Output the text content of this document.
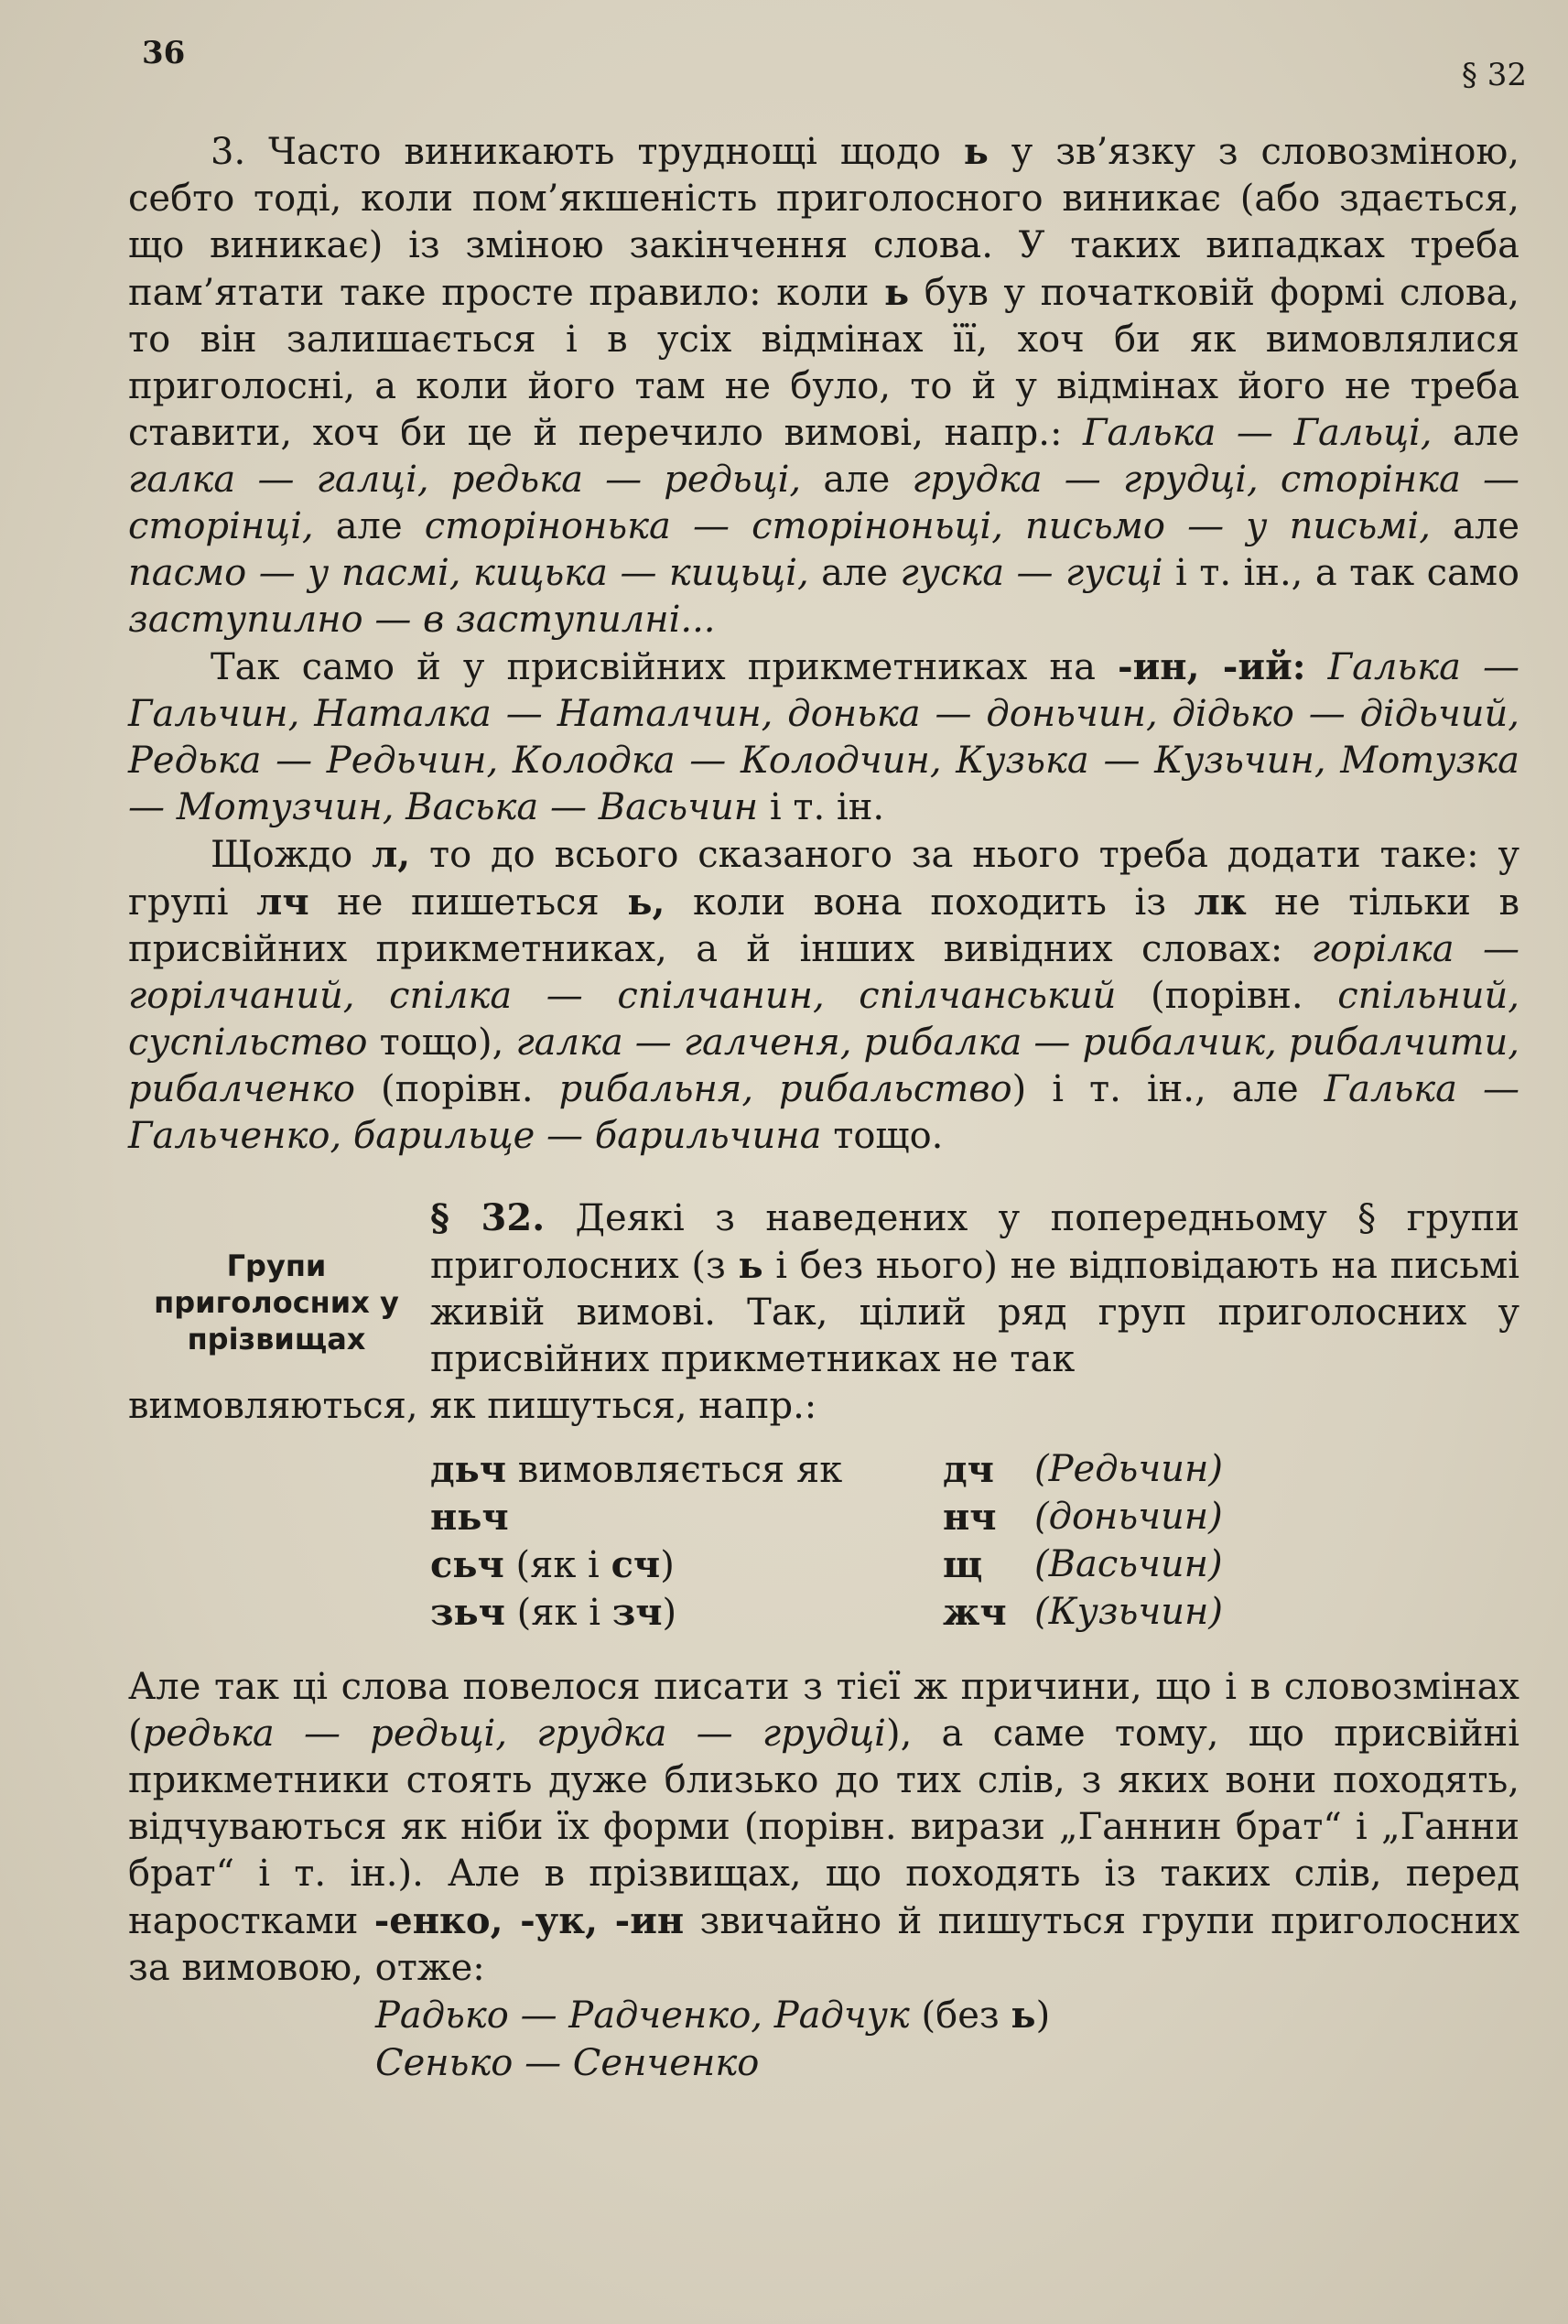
36
§ 32

3. Часто виникають труднощі щодо ь у зв’язку з словозміною, себто тоді, коли пом’якшеність приголосного виникає (або здається, що виникає) із зміною закінчення слова. У таких випадках треба пам’ятати таке просте правило: коли ь був у початковій формі слова, то він залишається і в усіх відмінах її, хоч би як вимовлялися приголосні, а коли його там не було, то й у відмінах його не треба ставити, хоч би це й перечило вимові, напр.: Галька — Гальці, але галка — галці, редька — редьці, але грудка — грудці, сторінка — сторінці, але сторінонька — сторіноньці, письмо — у письмі, але пасмо — у пасмі, кицька — кицьці, але гуска — гусці і т. ін., а так само заступилно — в заступилні...

Так само й у присвійних прикметниках на -ин, -ий: Галька — Гальчин, Наталка — Наталчин, донька — доньчин, дідько — дідьчий, Редька — Редьчин, Колодка — Колодчин, Кузька — Кузьчин, Мотузка — Мотузчин, Васька — Васьчин і т. ін.

Щождо л, то до всього сказаного за нього треба додати таке: у групі лч не пишеться ь, коли вона походить із лк не тільки в присвійних прикметниках, а й інших вивідних словах: горілка — горілчаний, спілка — спілчанин, спілчанський (порівн. спільний, суспільство тощо), галка — галченя, рибалка — рибалчик, рибалчити, рибалченко (порівн. рибальня, рибальство) і т. ін., але Галька — Гальченко, барильце — барильчина тощо.

Групи приголосних у прізвищах

§ 32. Деякі з наведених у попередньому § групи приголосних (з ь і без нього) не відповідають на письмі живій вимові. Так, цілий ряд груп приголосних у присвійних прикметниках не так

вимовляються, як пишуться, напр.:

дьч вимовляється як	дч	(Редьчин)
ньч	нч	(доньчин)
сьч (як і сч)	щ	(Васьчин)
зьч (як і зч)	жч (Кузьчин)

Але так ці слова повелося писати з тієї ж причини, що і в словозмінах (редька — редьці, грудка — грудці), а саме тому, що присвійні прикметники стоять дуже близько до тих слів, з яких вони походять, відчуваються як ніби їх форми (порівн. вирази „Ганнин брат“ і „Ганни брат“ і т. ін.). Але в прізвищах, що походять із таких слів, перед наростками -енко, -ук, -ин звичайно й пишуться групи приголосних за вимовою, отже:

Радько — Радченко, Радчук (без ь)
Сенько — Сенченко
